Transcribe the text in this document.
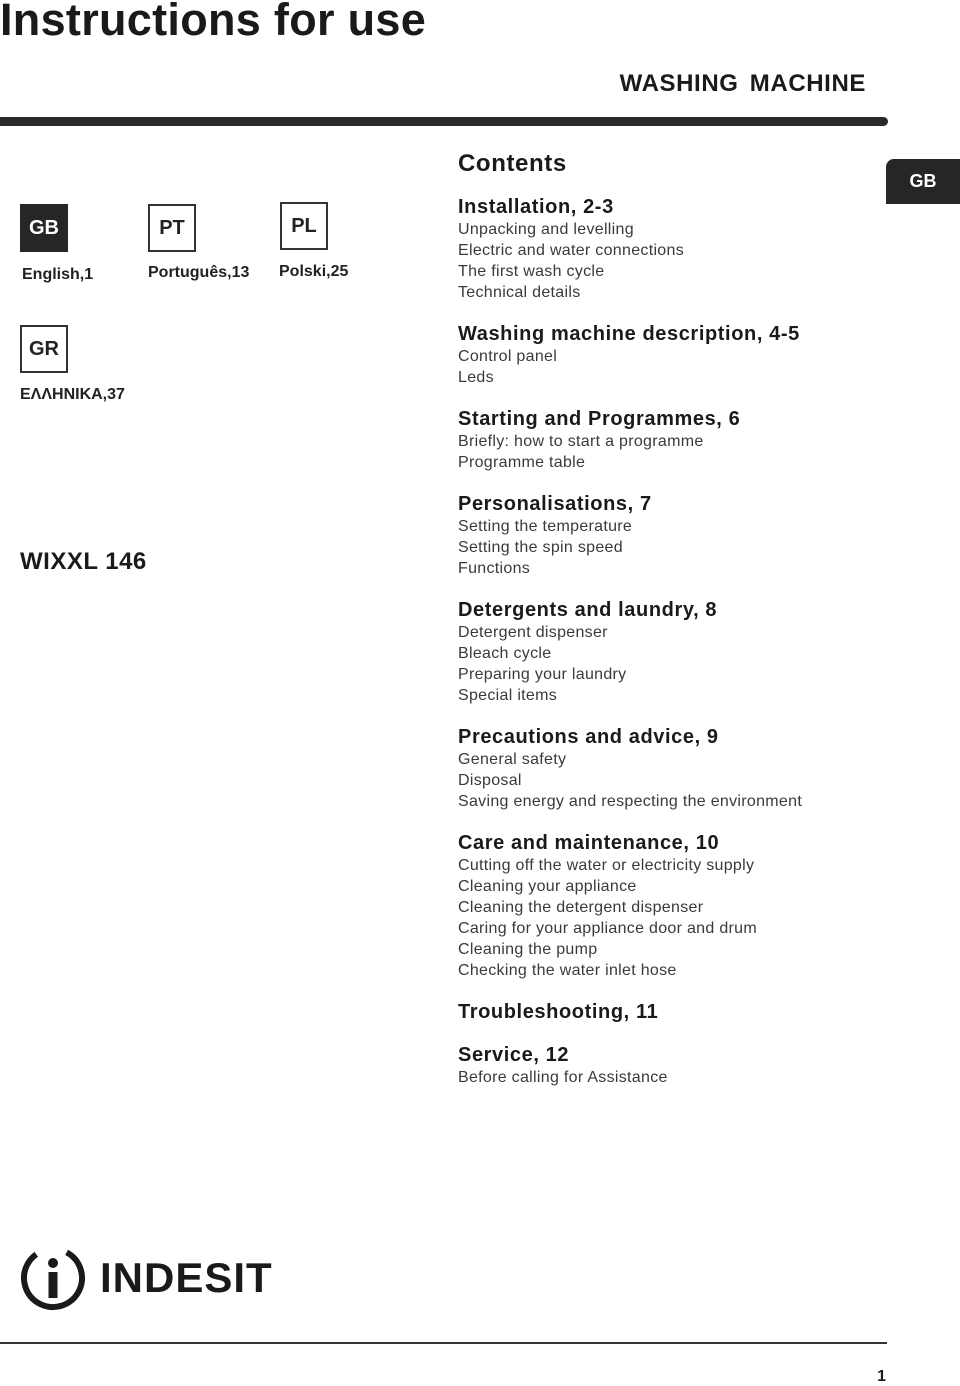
Instructions for use
WASHING MACHINE
GB
GB
English,1
PT
Português,13
PL
Polski,25
GR
ΕΛΛΗΝΙΚΑ,37
WIXXL 146
Contents
Installation, 2-3
Unpacking and levelling
Electric and water connections
The first wash cycle
Technical details
Washing machine description, 4-5
Control panel
Leds
Starting and Programmes, 6
Briefly: how to start a programme
Programme table
Personalisations, 7
Setting the temperature
Setting the spin speed
Functions
Detergents and laundry, 8
Detergent dispenser
Bleach cycle
Preparing your laundry
Special items
Precautions and advice, 9
General safety
Disposal
Saving energy and respecting the environment
Care and maintenance, 10
Cutting off the water or electricity supply
Cleaning your appliance
Cleaning the detergent dispenser
Caring for your appliance door and drum
Cleaning the pump
Checking the water inlet hose
Troubleshooting, 11
Service, 12
Before calling for Assistance
INDESIT
1
